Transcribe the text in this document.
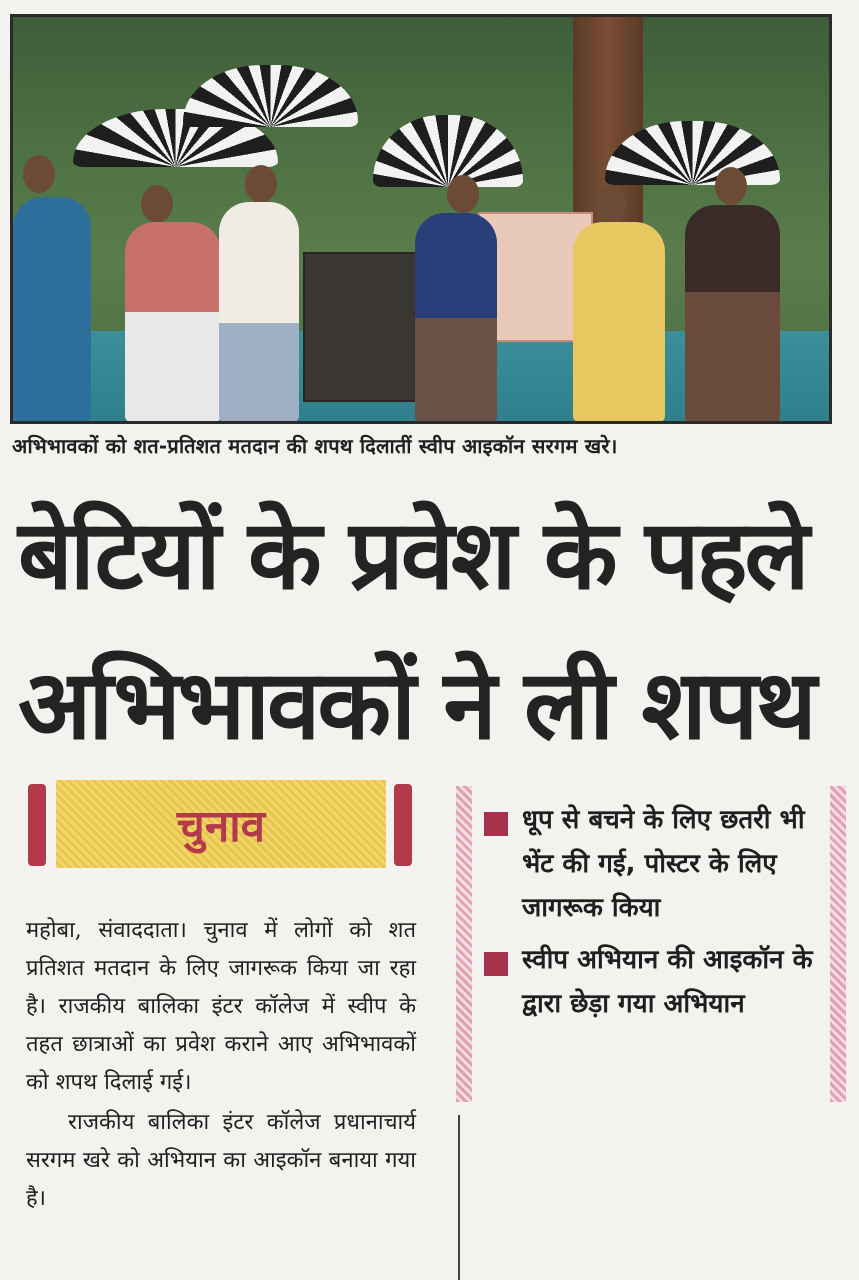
अभिभावकों को शत-प्रतिशत मतदान की शपथ दिलातीं स्वीप आइकॉन सरगम खरे।
बेटियों के प्रवेश के पहले
अभिभावकों ने ली शपथ
चुनाव

महोबा, संवाददाता। चुनाव में लोगों को शत प्रतिशत मतदान के लिए जागरूक किया जा रहा है। राजकीय बालिका इंटर कॉलेज में स्वीप के तहत छात्राओं का प्रवेश कराने आए अभिभावकों को शपथ दिलाई गई।

राजकीय बालिका इंटर कॉलेज प्रधानाचार्य सरगम खरे को अभियान का आइकॉन बनाया गया है।

धूप से बचने के लिए छतरी भी भेंट की गई, पोस्टर के लिए जागरूक किया
स्वीप अभियान की आइकॉन के द्वारा छेड़ा गया अभियान
